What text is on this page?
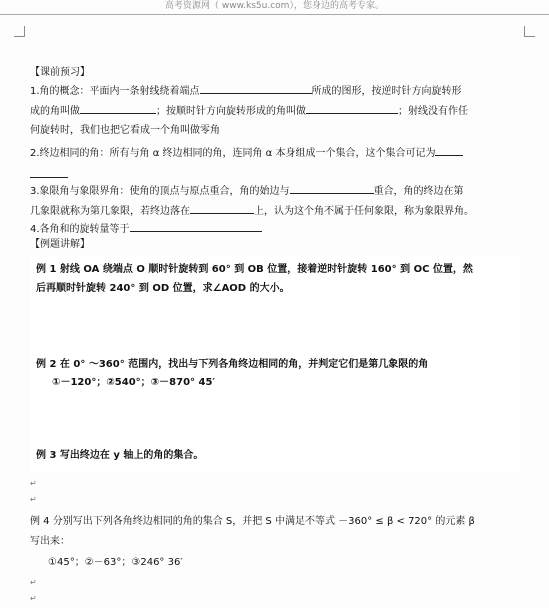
高考资源网（ www.ks5u.com），您身边的高考专家。
【课前预习】
1.角的概念：平面内一条射线绕着端点	所成的图形，按逆时针方向旋转形
成的角叫做	；按顺时针方向旋转形成的角叫做	；射线没有作任
何旋转时，我们也把它看成一个角叫做零角
2.终边相同的角：所有与角 α 终边相同的角，连同角 α 本身组成一个集合，这个集合可记为
3.象限角与象限界角：使角的顶点与原点重合，角的始边与	重合，角的终边在第
几象限就称为第几象限，若终边落在	上，认为这个角不属于任何象限，称为象限界角。
4.各角和的旋转量等于
【例题讲解】
例 1 射线 OA 绕端点 O 顺时针旋转到 60° 到 OB 位置，接着逆时针旋转 160° 到 OC 位置，然
后再顺时针旋转 240° 到 OD 位置，求∠AOD 的大小。
例 2 在 0° ～360° 范围内，找出与下列各角终边相同的角，并判定它们是第几象限的角
①－120°；②540°；③－870° 45′
例 3 写出终边在 y 轴上的角的集合。
↵
↵
例 4 分别写出下列各角终边相同的角的集合 S，并把 S 中满足不等式 －360° ≤ β < 720° 的元素 β
写出来：
①45°；②－63°；③246° 36′
↵
↵
